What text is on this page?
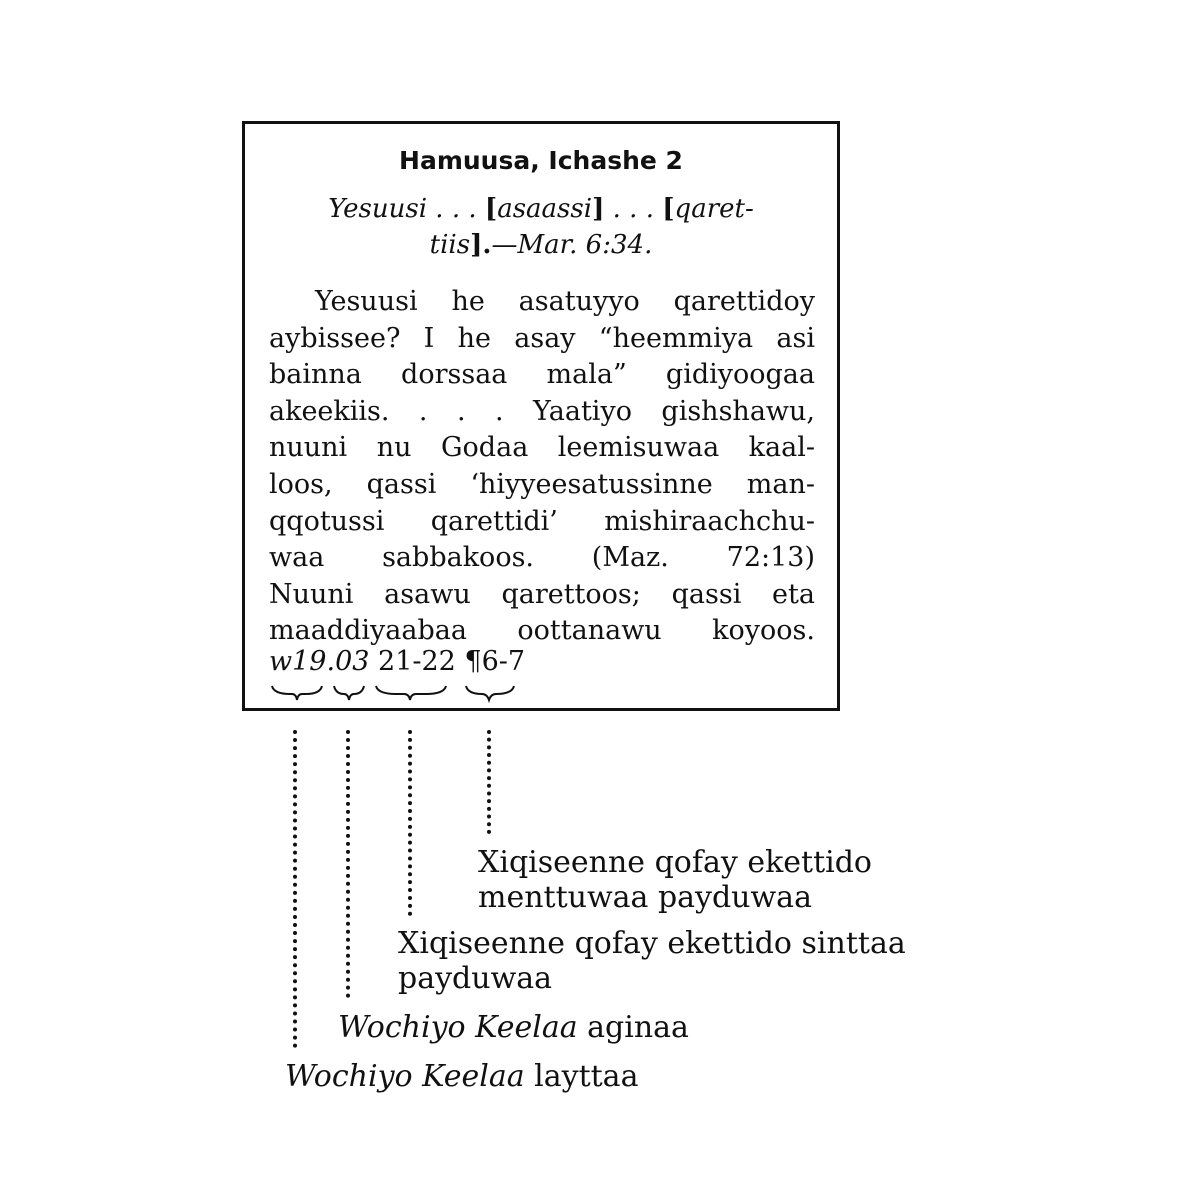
Hamuusa, Ichashe 2
Yesuusi . . . [asaassi] . . . [qaret-
tiis].—Mar. 6:34.
Yesuusi he asatuyyo qarettidoy
aybissee? I he asay “heemmiya asi
bainna dorssaa mala” gidiyoogaa
akeekiis. . . . Yaatiyo gishshawu,
nuuni nu Godaa leemisuwaa kaal-
loos, qassi ‘hiyyeesatussinne man-
qqotussi qarettidi’ mishiraachchu-
waa sabbakoos. (Maz. 72:13)
Nuuni asawu qarettoos; qassi eta
maaddiyaabaa oottanawu koyoos.
w19.03 21-22 ¶6-7
Xiqiseenne qofay ekettido
menttuwaa payduwaa
Xiqiseenne qofay ekettido sinttaa
payduwaa
Wochiyo Keelaa aginaa
Wochiyo Keelaa layttaa
